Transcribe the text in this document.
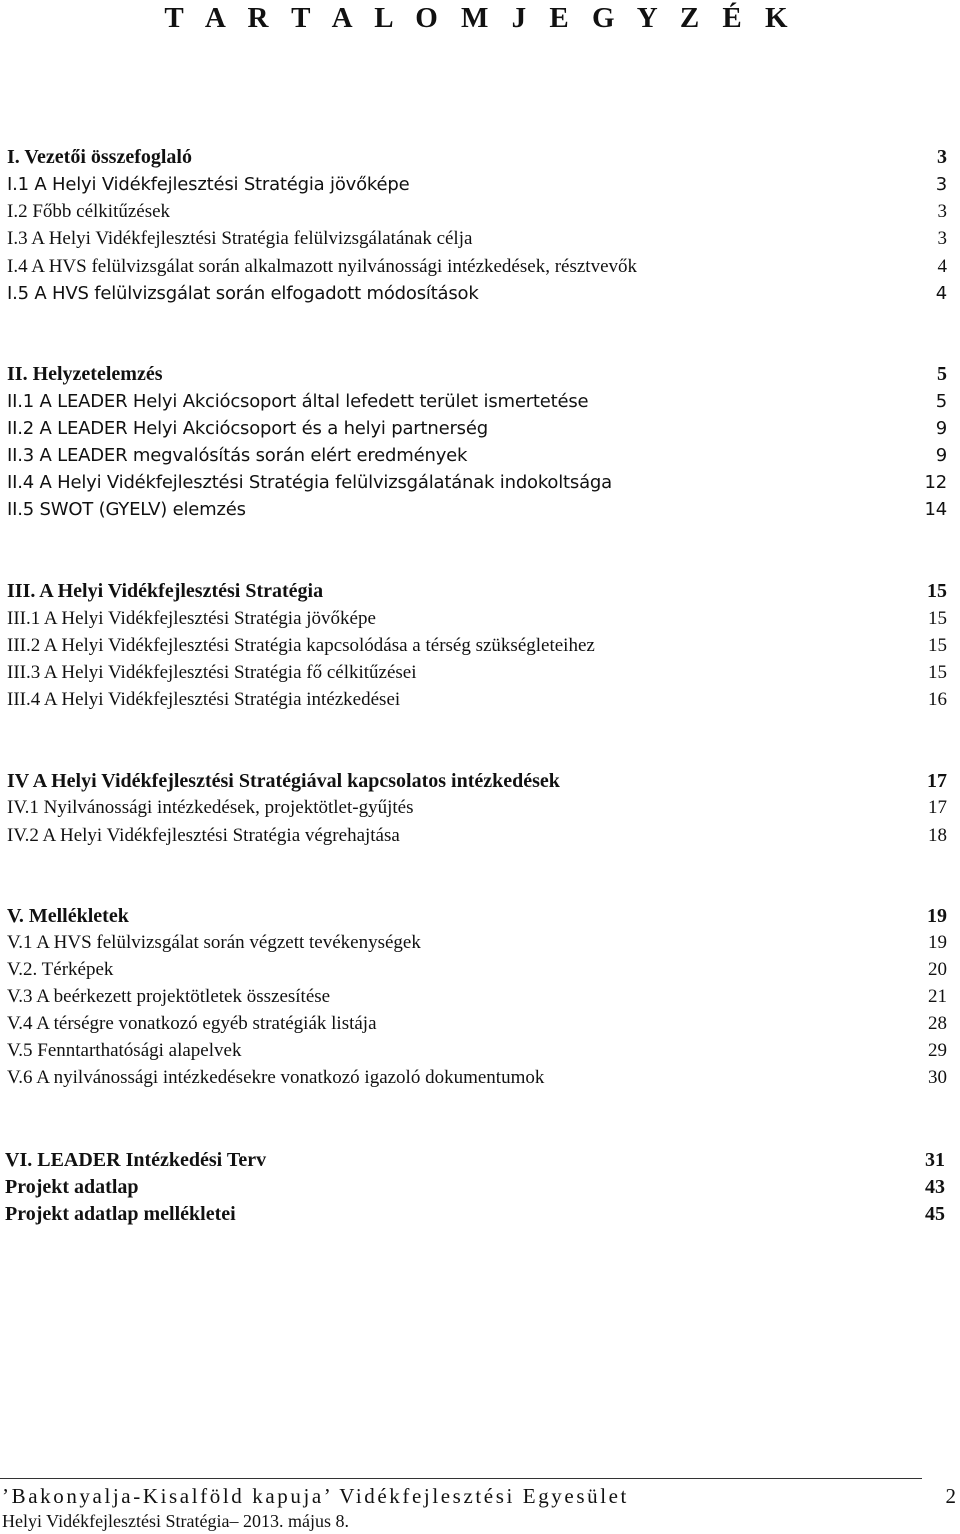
T A R T A L O M J E G Y Z É K
I. Vezetői összefoglaló	3
I.1 A Helyi Vidékfejlesztési Stratégia jövőképe	3
I.2 Főbb célkitűzések	3
I.3 A Helyi Vidékfejlesztési Stratégia felülvizsgálatának célja	3
I.4 A HVS felülvizsgálat során alkalmazott nyilvánossági intézkedések, résztvevők	4
I.5 A HVS felülvizsgálat során elfogadott módosítások	4
II. Helyzetelemzés	5
II.1 A LEADER Helyi Akciócsoport által lefedett terület ismertetése	5
II.2 A LEADER Helyi Akciócsoport és a helyi partnerség	9
II.3 A LEADER megvalósítás során elért eredmények	9
II.4 A Helyi Vidékfejlesztési Stratégia felülvizsgálatának indokoltsága	12
II.5 SWOT (GYELV) elemzés	14
III. A Helyi Vidékfejlesztési Stratégia	15
III.1 A Helyi Vidékfejlesztési Stratégia jövőképe	15
III.2 A Helyi Vidékfejlesztési Stratégia kapcsolódása a térség szükségleteihez	15
III.3 A Helyi Vidékfejlesztési Stratégia fő célkitűzései	15
III.4 A Helyi Vidékfejlesztési Stratégia intézkedései	16
IV A Helyi Vidékfejlesztési Stratégiával kapcsolatos intézkedések	17
IV.1 Nyilvánossági intézkedések, projektötlet-gyűjtés	17
IV.2 A Helyi Vidékfejlesztési Stratégia végrehajtása	18
V. Mellékletek	19
V.1 A HVS felülvizsgálat során végzett tevékenységek	19
V.2. Térképek	20
V.3 A beérkezett projektötletek összesítése	21
V.4 A térségre vonatkozó egyéb stratégiák listája	28
V.5 Fenntarthatósági alapelvek	29
V.6 A nyilvánossági intézkedésekre vonatkozó igazoló dokumentumok	30
VI. LEADER Intézkedési Terv	31
Projekt adatlap	43
Projekt adatlap mellékletei	45
’Bakonyalja-Kisalföld kapuja’ Vidékfejlesztési Egyesület
Helyi Vidékfejlesztési Stratégia– 2013. május 8.
2
